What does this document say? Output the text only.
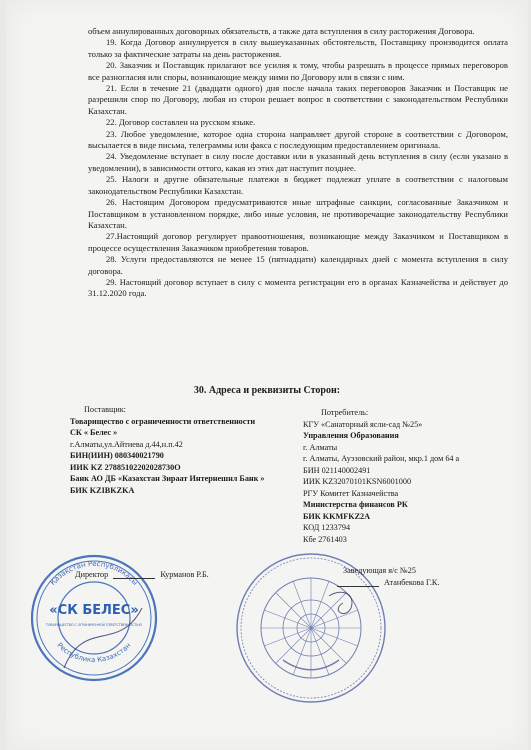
объем аннулированных договорных обязательств, а также дата вступления в силу расторжения Договора.

19. Когда Договор аннулируется в силу вышеуказанных обстоятельств, Поставщику производится оплата только за фактические затраты на день расторжения.

20. Заказчик и Поставщик прилагают все усилия к тому, чтобы разрешать в процессе прямых переговоров все разногласия или споры, возникающие между ними по Договору или в связи с ним.

21. Если в течение 21 (двадцати одного) дня после начала таких переговоров Заказчик и Поставщик не разрешили спор по Договору, любая из сторон решает вопрос в соответствии с законодательством Республики Казахстан.

22. Договор составлен на русском языке.

23. Любое уведомление, которое одна сторона направляет другой стороне в соответствии с Договором, высылается в виде письма, телеграммы или факса с последующим предоставлением оригинала.

24. Уведомление вступает в силу после доставки или в указанный день вступления в силу (если указано в уведомлении), в зависимости оттого, какая из этих дат наступит позднее.

25. Налоги и другие обязательные платежи в бюджет подлежат уплате в соответствии с налоговым законодательством Республики Казахстан.

26. Настоящим Договором предусматриваются иные штрафные санкции, согласованные Заказчиком и Поставщиком в установленном порядке, либо иные условия, не противоречащие законодательству Республики Казахстан.

27.Настоящий договор регулирует правоотношения, возникающие между Заказчиком и Поставщиком в процессе осуществления Заказчиком приобретения товаров.

28. Услуги предоставляются не менее 15 (пятнадцати) календарных дней с момента вступления в силу договора.

29. Настоящий договор вступает в силу с момента регистрации его в органах Казначейства и действует до 31.12.2020 года.

30. Адреса и реквизиты Сторон:
Поставщик:
Товарищество с ограниченности ответственности
СК « Белес »
г.Алматы,ул.Айтиева д.44,н.п.42
БИН(ИИН) 080340021790
ИИК KZ 27885102202028730O
Банк АО ДБ «Казахстан Зираат Интернешнл Банк »
БИК KZIBKZKA
Потребитель:
КГУ «Санаторный ясли-сад №25»
Управления Образования
г. Алматы
г. Алматы, Ауэзовский район, мкр.1 дом 64 а
БИН 021140002491
ИИК KZ32070101KSN6001000
РГУ Комитет Казначейства
Министерства финансов РК
БИК KKMFKZ2A
КОД 1233794
Кбе 2761403
Қазақстан Республикасы
Республика Казахстан
«СК БЕЛЕС»
ТОВАРИЩЕСТВО С ОГРАНИЧЕННОЙ ОТВЕТСТВЕННОСТЬЮ
Директор	Курманов Р.Б.	Заведующая я/с №25
Атанбекова Г.К.
